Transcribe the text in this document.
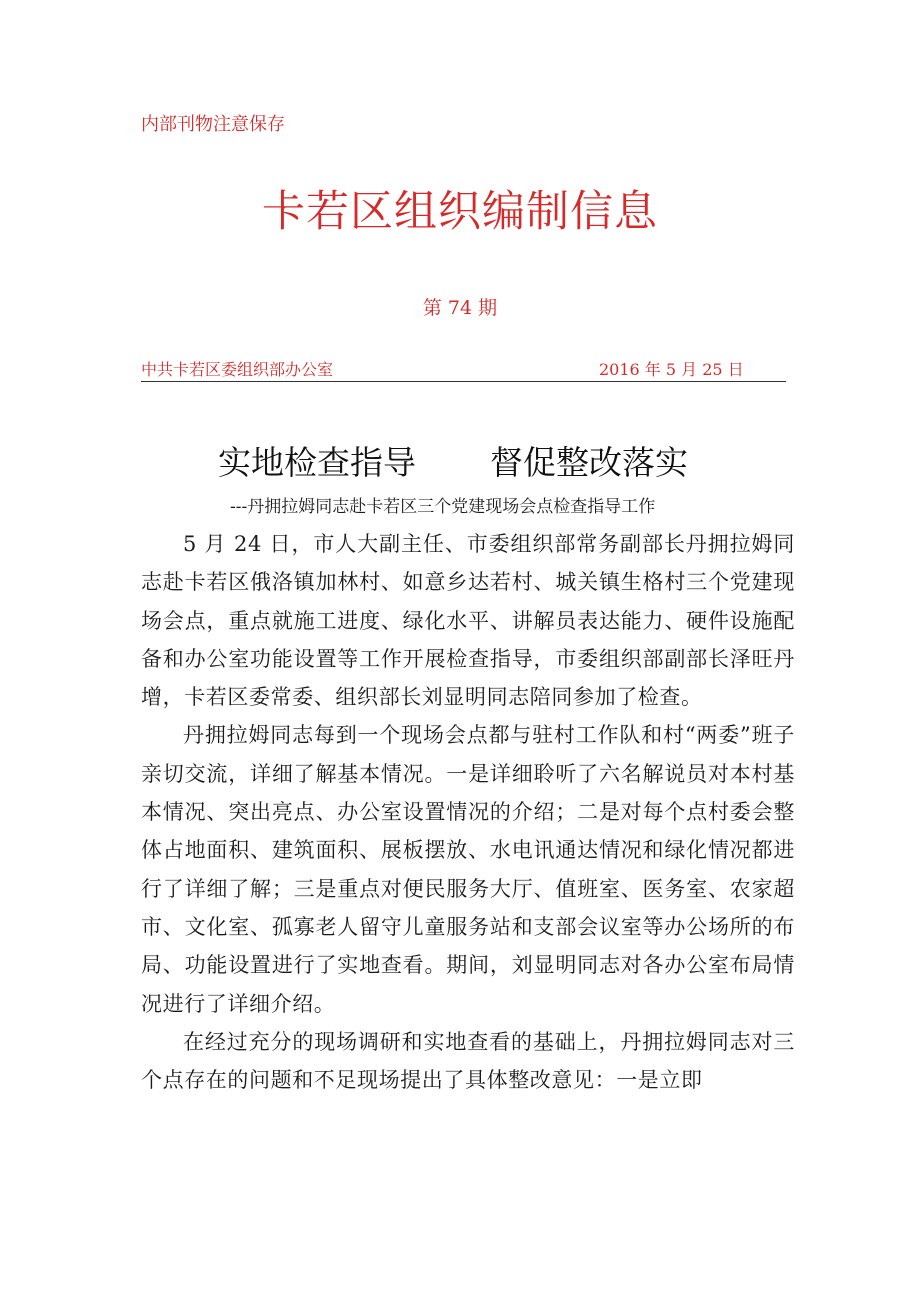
内部刊物注意保存
卡若区组织编制信息
第 74 期
中共卡若区委组织部办公室	2016 年 5 月 25 日
实地检查指导 督促整改落实
---丹拥拉姆同志赴卡若区三个党建现场会点检查指导工作

5 月 24 日，市人大副主任、市委组织部常务副部长丹拥拉姆同志赴卡若区俄洛镇加林村、如意乡达若村、城关镇生格村三个党建现场会点，重点就施工进度、绿化水平、讲解员表达能力、硬件设施配备和办公室功能设置等工作开展检查指导，市委组织部副部长泽旺丹增，卡若区委常委、组织部长刘显明同志陪同参加了检查。

丹拥拉姆同志每到一个现场会点都与驻村工作队和村“两委”班子亲切交流，详细了解基本情况。一是详细聆听了六名解说员对本村基本情况、突出亮点、办公室设置情况的介绍；二是对每个点村委会整体占地面积、建筑面积、展板摆放、水电讯通达情况和绿化情况都进行了详细了解；三是重点对便民服务大厅、值班室、医务室、农家超市、文化室、孤寡老人留守儿童服务站和支部会议室等办公场所的布局、功能设置进行了实地查看。期间，刘显明同志对各办公室布局情况进行了详细介绍。

在经过充分的现场调研和实地查看的基础上，丹拥拉姆同志对三个点存在的问题和不足现场提出了具体整改意见：一是立即
